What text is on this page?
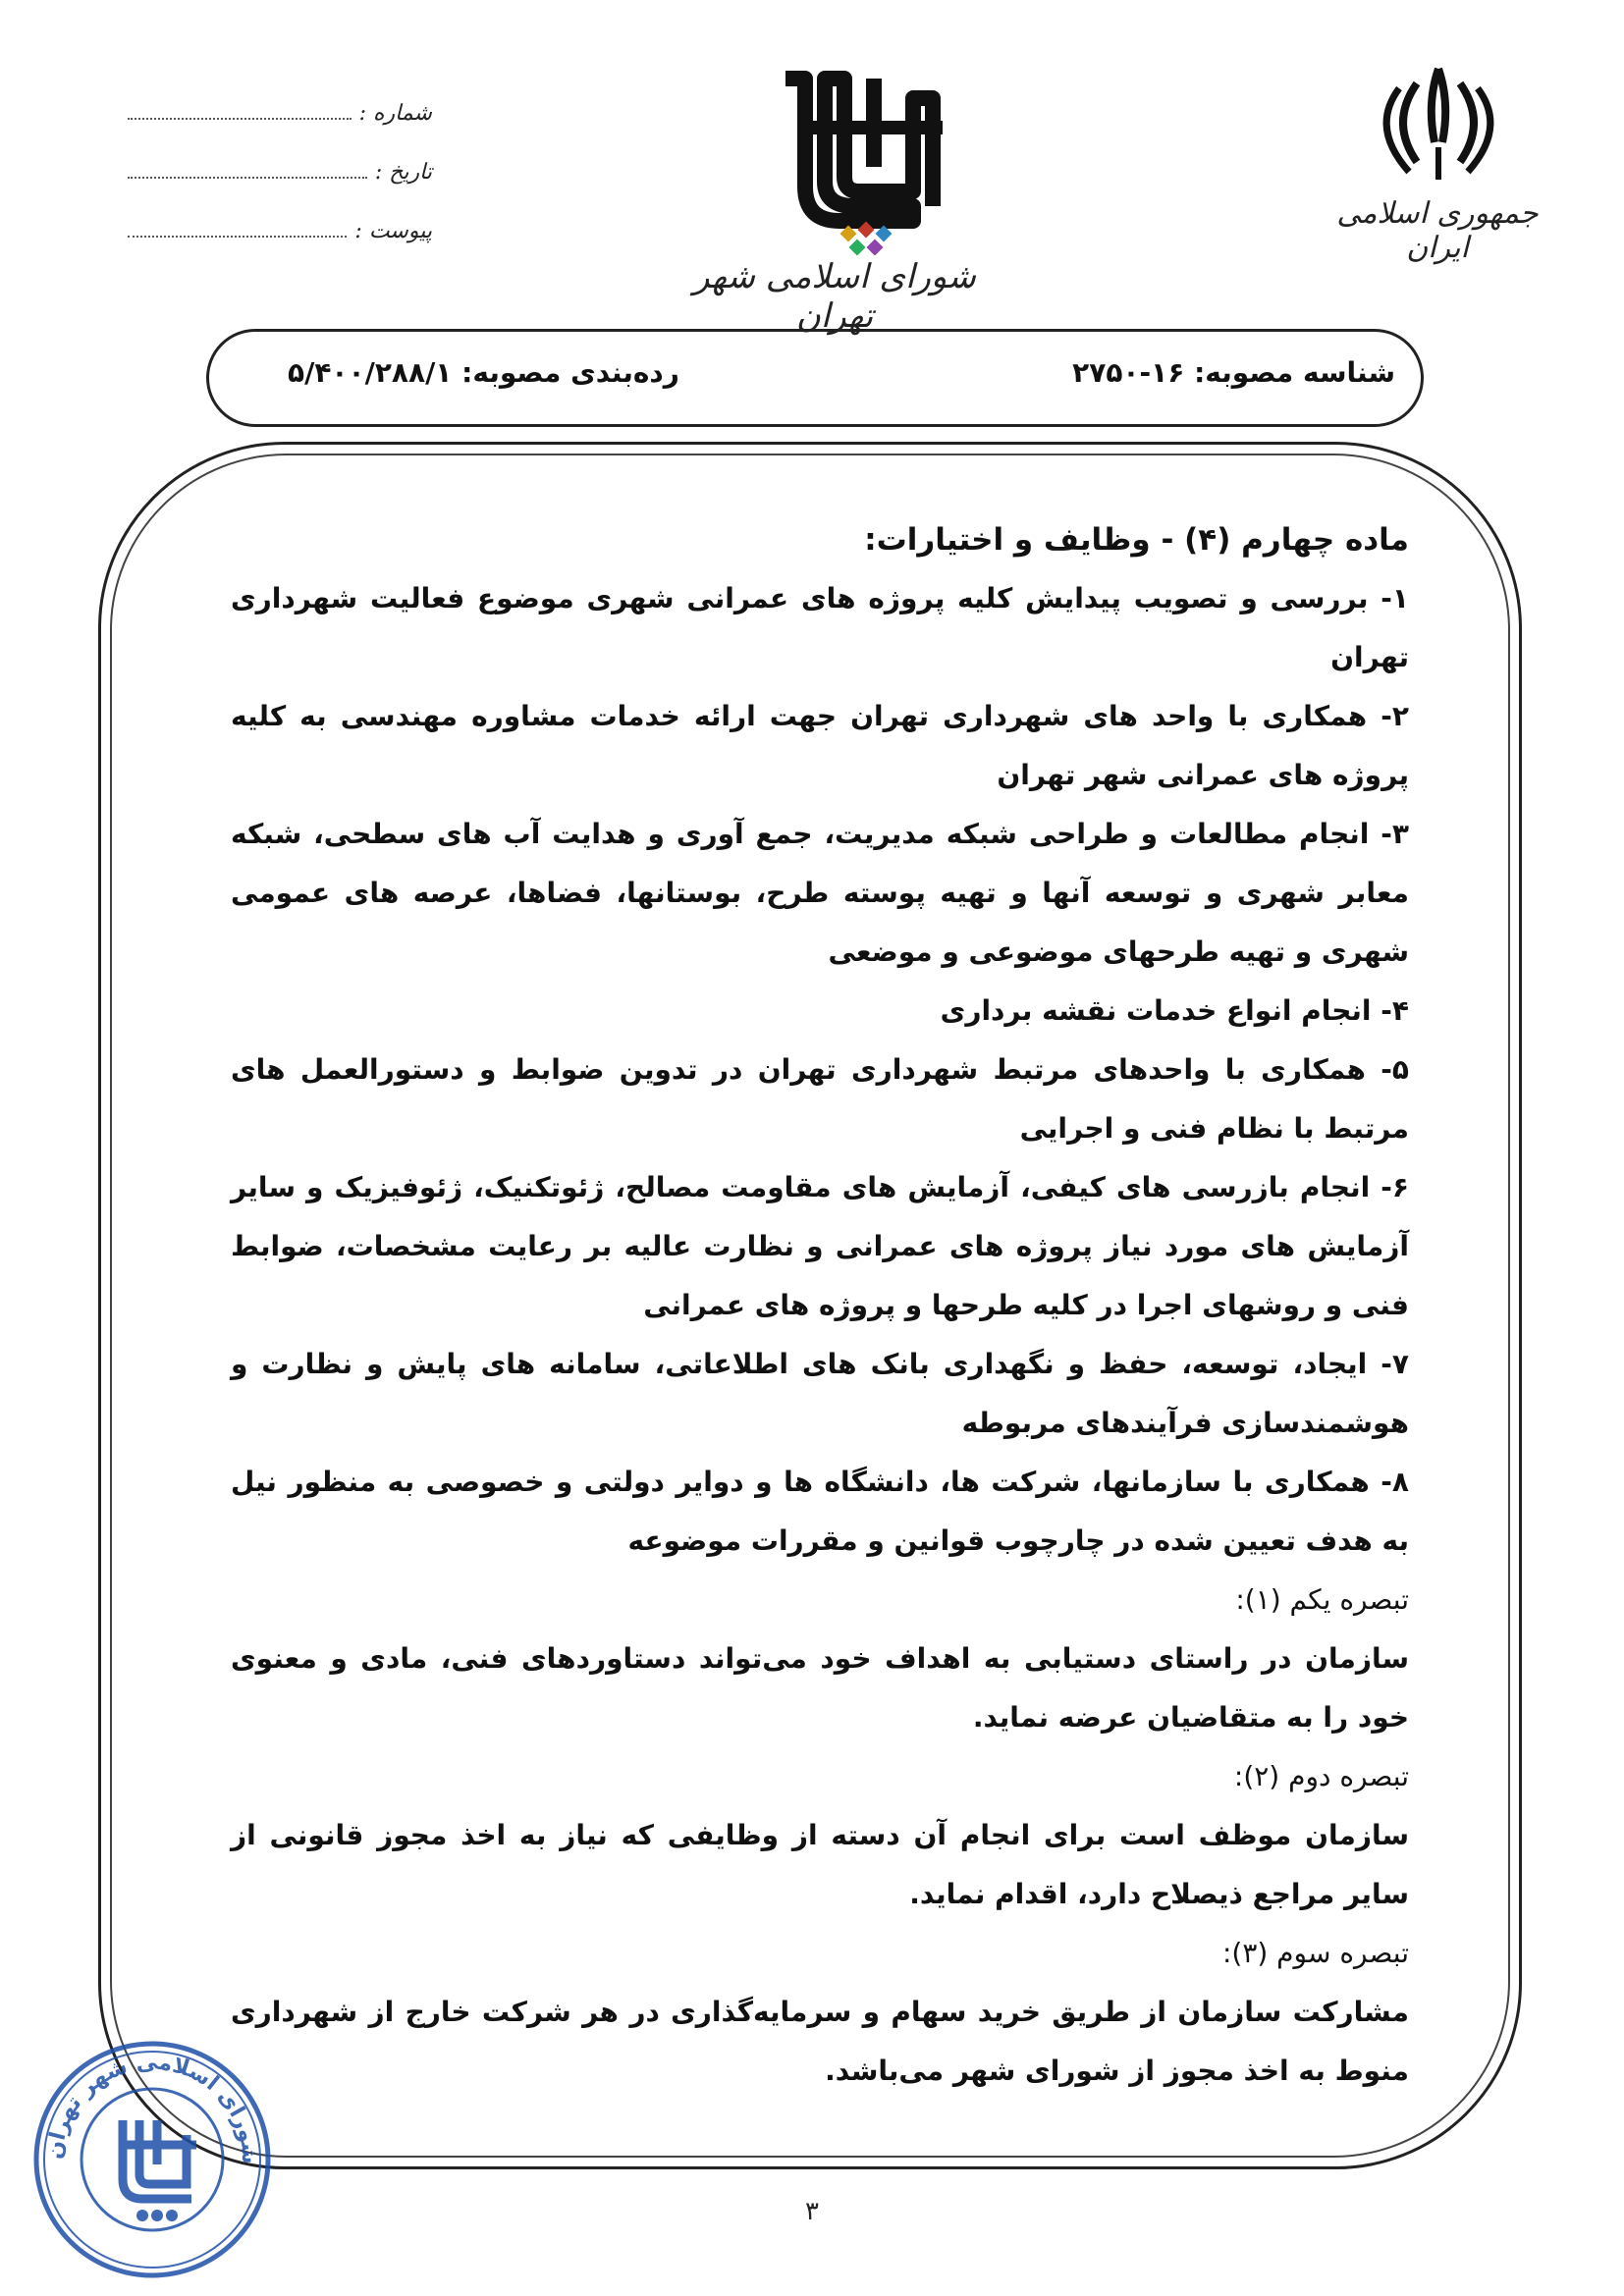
شماره :
تاریخ :
پیوست :
شورای اسلامی شهر تهران
جمهوری اسلامی ایران
شناسه مصوبه: ۱۶-۲۷۵۰
رده‌بندی مصوبه: ۵/۴۰۰/۲۸۸/۱

ماده چهارم (۴) - وظایف و اختیارات:

۱- بررسی و تصویب پیدایش کلیه پروژه های عمرانی شهری موضوع فعالیت شهرداری تهران

۲- همکاری با واحد های شهرداری تهران جهت ارائه خدمات مشاوره مهندسی به کلیه پروژه های عمرانی شهر تهران

۳- انجام مطالعات و طراحی شبکه مدیریت، جمع آوری و هدایت آب های سطحی، شبکه معابر شهری و توسعه آنها و تهیه پوسته طرح، بوستانها، فضاها، عرصه های عمومی شهری و تهیه طرحهای موضوعی و موضعی

۴- انجام انواع خدمات نقشه برداری

۵- همکاری با واحدهای مرتبط شهرداری تهران در تدوین ضوابط و دستورالعمل های مرتبط با نظام فنی و اجرایی

۶- انجام بازرسی های کیفی، آزمایش های مقاومت مصالح، ژئوتکنیک، ژئوفیزیک و سایر آزمایش های مورد نیاز پروژه های عمرانی و نظارت عالیه بر رعایت مشخصات، ضوابط فنی و روشهای اجرا در کلیه طرحها و پروژه های عمرانی

۷- ایجاد، توسعه، حفظ و نگهداری بانک های اطلاعاتی، سامانه های پایش و نظارت و هوشمندسازی فرآیندهای مربوطه

۸- همکاری با سازمانها، شرکت ها، دانشگاه ها و دوایر دولتی و خصوصی به منظور نیل به هدف تعیین شده در چارچوب قوانین و مقررات موضوعه

تبصره یکم (۱):

سازمان در راستای دستیابی به اهداف خود می‌تواند دستاوردهای فنی، مادی و معنوی خود را به متقاضیان عرضه نماید.

تبصره دوم (۲):

سازمان موظف است برای انجام آن دسته از وظایفی که نیاز به اخذ مجوز قانونی از سایر مراجع ذیصلاح دارد، اقدام نماید.

تبصره سوم (۳):

مشارکت سازمان از طریق خرید سهام و سرمایه‌گذاری در هر شرکت خارج از شهرداری منوط به اخذ مجوز از شورای شهر می‌باشد.

شورای اسلامی شهر تهران
۳
